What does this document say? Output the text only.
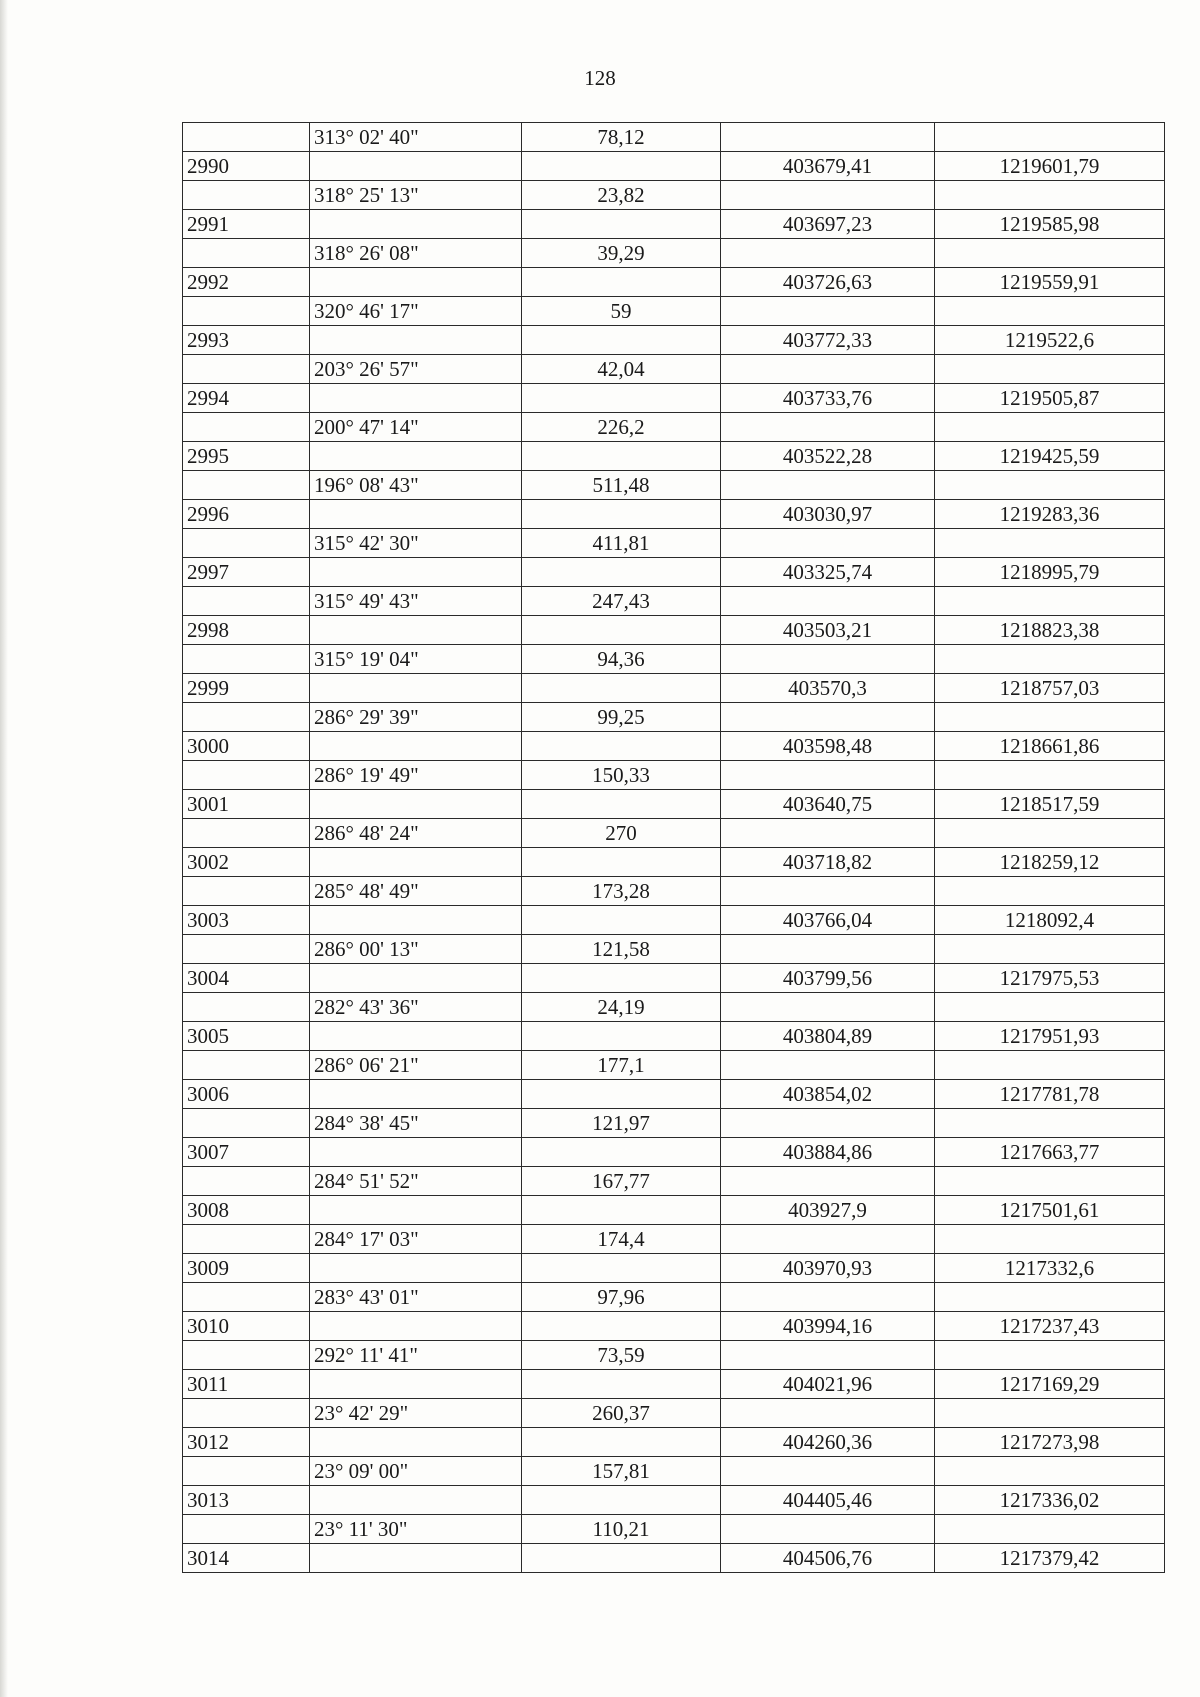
128
	313° 02' 40"	78,12		
2990			403679,41	1219601,79
	318° 25' 13"	23,82		
2991			403697,23	1219585,98
	318° 26' 08"	39,29		
2992			403726,63	1219559,91
	320° 46' 17"	59		
2993			403772,33	1219522,6
	203° 26' 57"	42,04		
2994			403733,76	1219505,87
	200° 47' 14"	226,2		
2995			403522,28	1219425,59
	196° 08' 43"	511,48		
2996			403030,97	1219283,36
	315° 42' 30"	411,81		
2997			403325,74	1218995,79
	315° 49' 43"	247,43		
2998			403503,21	1218823,38
	315° 19' 04"	94,36		
2999			403570,3	1218757,03
	286° 29' 39"	99,25		
3000			403598,48	1218661,86
	286° 19' 49"	150,33		
3001			403640,75	1218517,59
	286° 48' 24"	270		
3002			403718,82	1218259,12
	285° 48' 49"	173,28		
3003			403766,04	1218092,4
	286° 00' 13"	121,58		
3004			403799,56	1217975,53
	282° 43' 36"	24,19		
3005			403804,89	1217951,93
	286° 06' 21"	177,1		
3006			403854,02	1217781,78
	284° 38' 45"	121,97		
3007			403884,86	1217663,77
	284° 51' 52"	167,77		
3008			403927,9	1217501,61
	284° 17' 03"	174,4		
3009			403970,93	1217332,6
	283° 43' 01"	97,96		
3010			403994,16	1217237,43
	292° 11' 41"	73,59		
3011			404021,96	1217169,29
	23° 42' 29"	260,37		
3012			404260,36	1217273,98
	23° 09' 00"	157,81		
3013			404405,46	1217336,02
	23° 11' 30"	110,21		
3014			404506,76	1217379,42
